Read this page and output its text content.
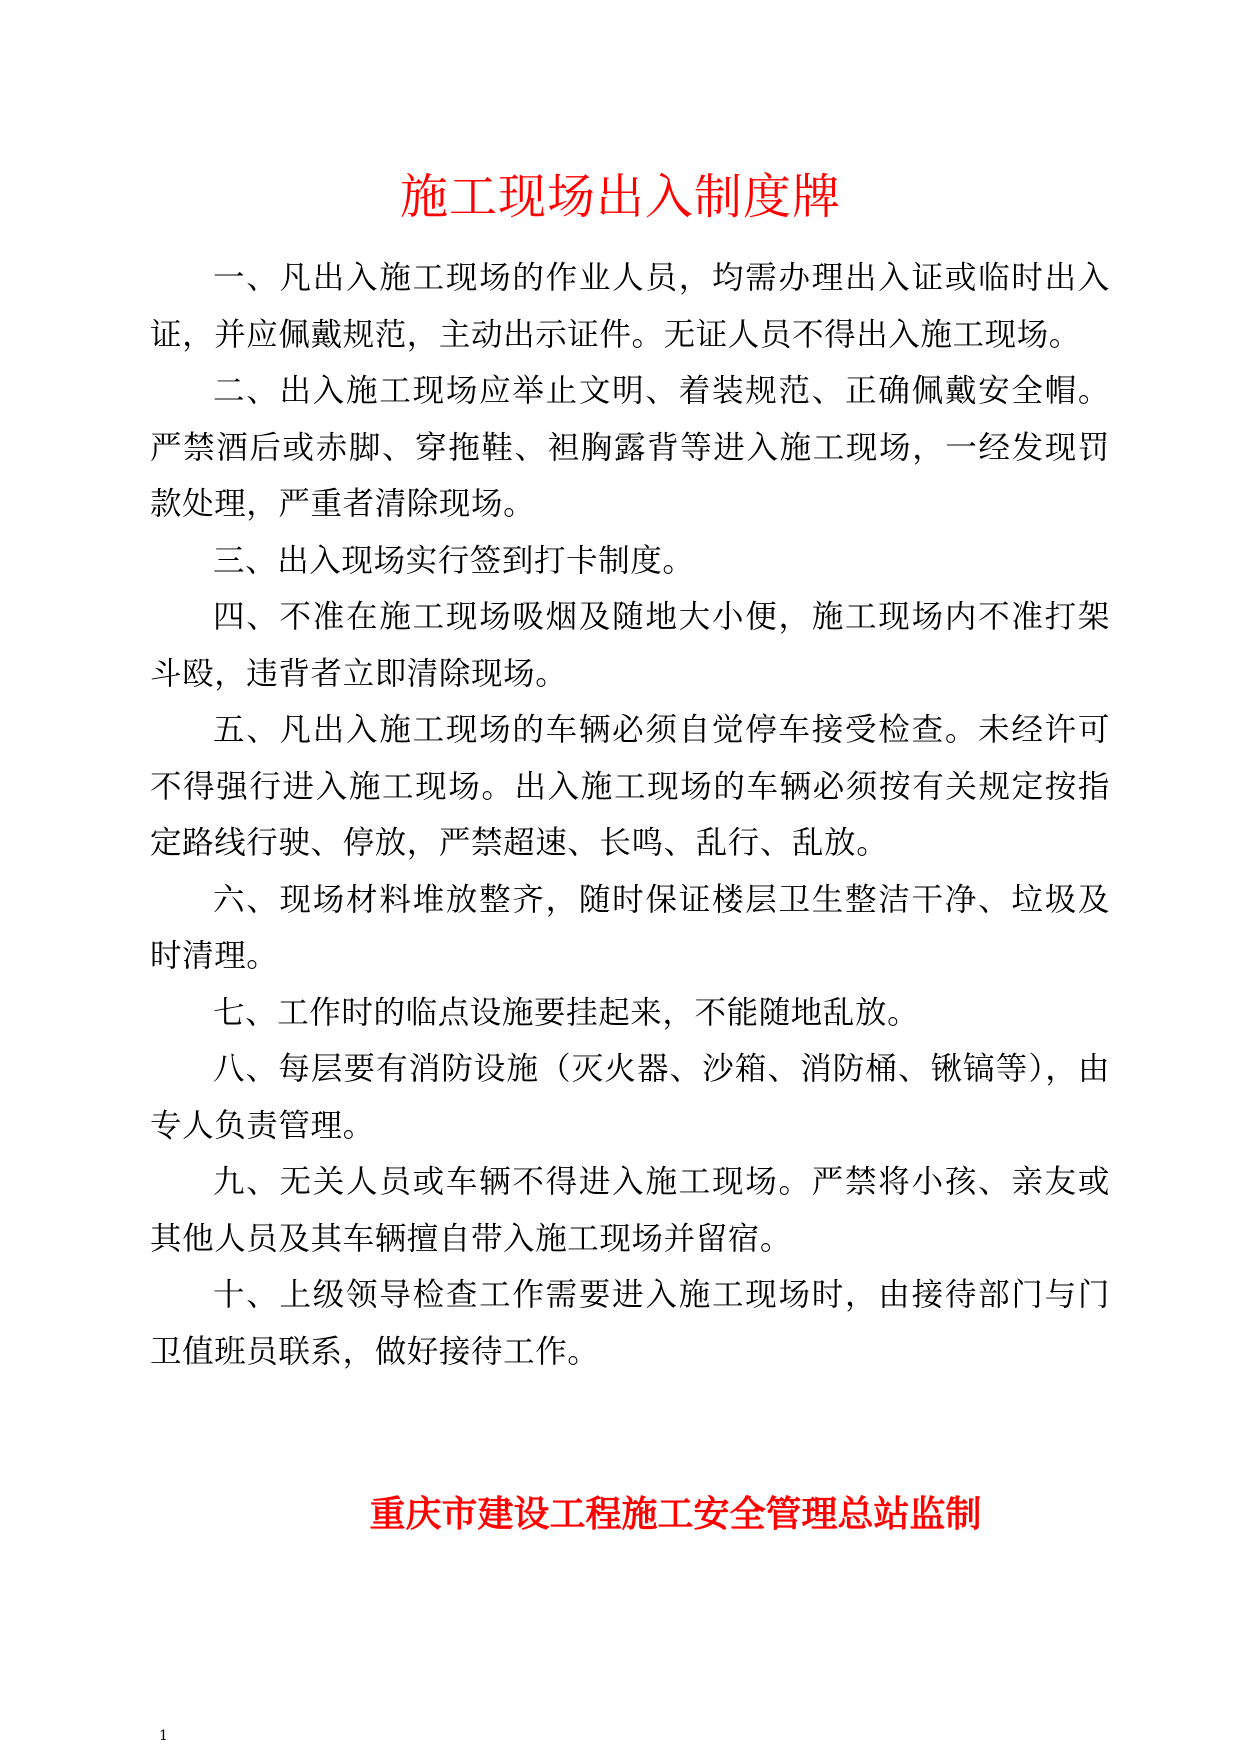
施工现场出入制度牌

一、凡出入施工现场的作业人员，均需办理出入证或临时出入证，并应佩戴规范，主动出示证件。无证人员不得出入施工现场。

二、出入施工现场应举止文明、着装规范、正确佩戴安全帽。严禁酒后或赤脚、穿拖鞋、袒胸露背等进入施工现场，一经发现罚款处理，严重者清除现场。

三、出入现场实行签到打卡制度。

四、不准在施工现场吸烟及随地大小便，施工现场内不准打架斗殴，违背者立即清除现场。

五、凡出入施工现场的车辆必须自觉停车接受检查。未经许可不得强行进入施工现场。出入施工现场的车辆必须按有关规定按指定路线行驶、停放，严禁超速、长鸣、乱行、乱放。

六、现场材料堆放整齐，随时保证楼层卫生整洁干净、垃圾及时清理。

七、工作时的临点设施要挂起来，不能随地乱放。

八、每层要有消防设施（灭火器、沙箱、消防桶、锹镐等），由专人负责管理。

九、无关人员或车辆不得进入施工现场。严禁将小孩、亲友或其他人员及其车辆擅自带入施工现场并留宿。

十、上级领导检查工作需要进入施工现场时，由接待部门与门卫值班员联系，做好接待工作。

重庆市建设工程施工安全管理总站监制
1
